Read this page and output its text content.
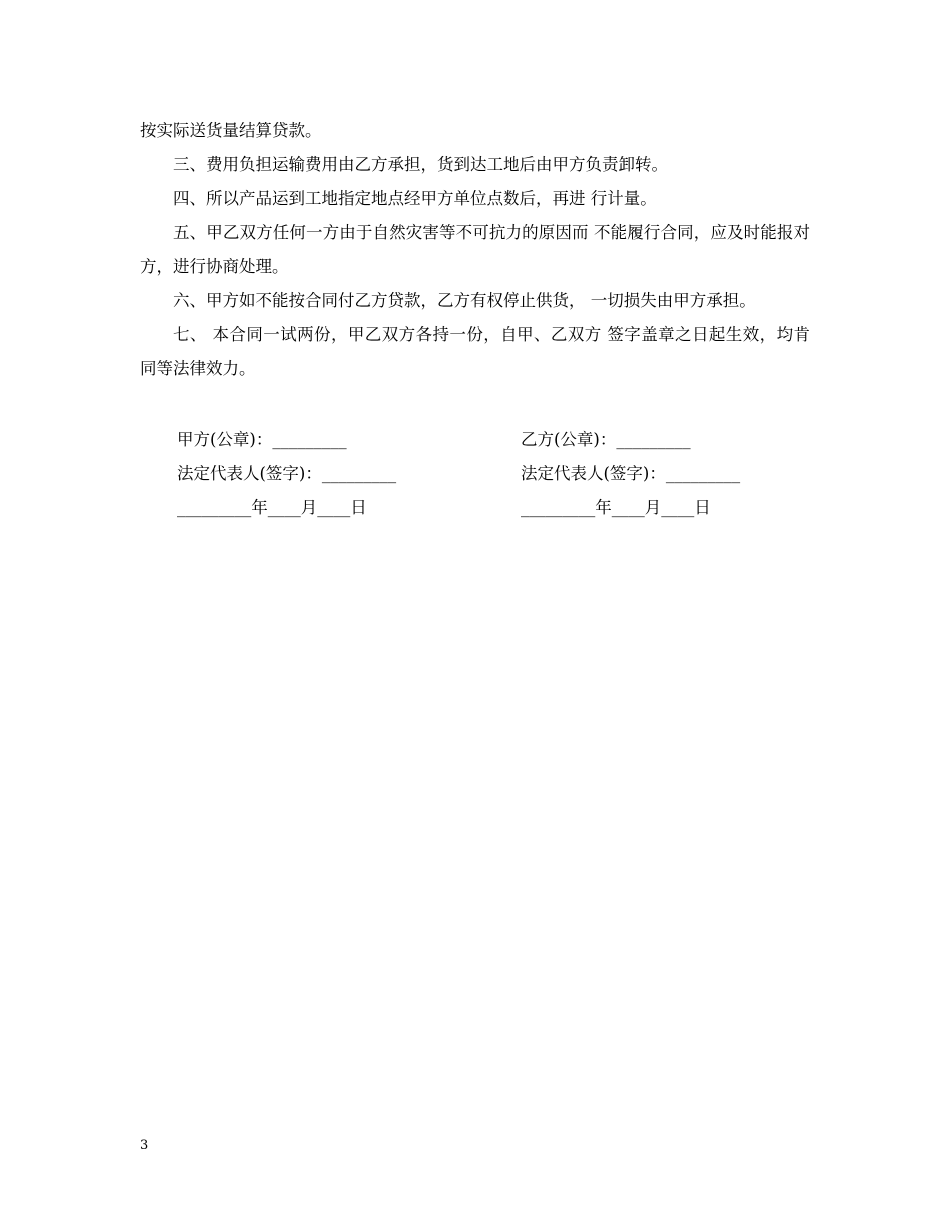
按实际送货量结算贷款。

三、费用负担运输费用由乙方承担，货到达工地后由甲方负责卸转。

四、所以产品运到工地指定地点经甲方单位点数后，再进 行计量。

五、甲乙双方任何一方由于自然灾害等不可抗力的原因而 不能履行合同，应及时能报对方，进行协商处理。

六、甲方如不能按合同付乙方贷款，乙方有权停止供货， 一切损失由甲方承担。

七、 本合同一试两份，甲乙双方各持一份，自甲、乙双方 签字盖章之日起生效，均肯同等法律效力。

甲方(公章)：_________	乙方(公章)：_________
法定代表人(签字)：_________	法定代表人(签字)：_________
_________年____月____日	_________年____月____日
3
